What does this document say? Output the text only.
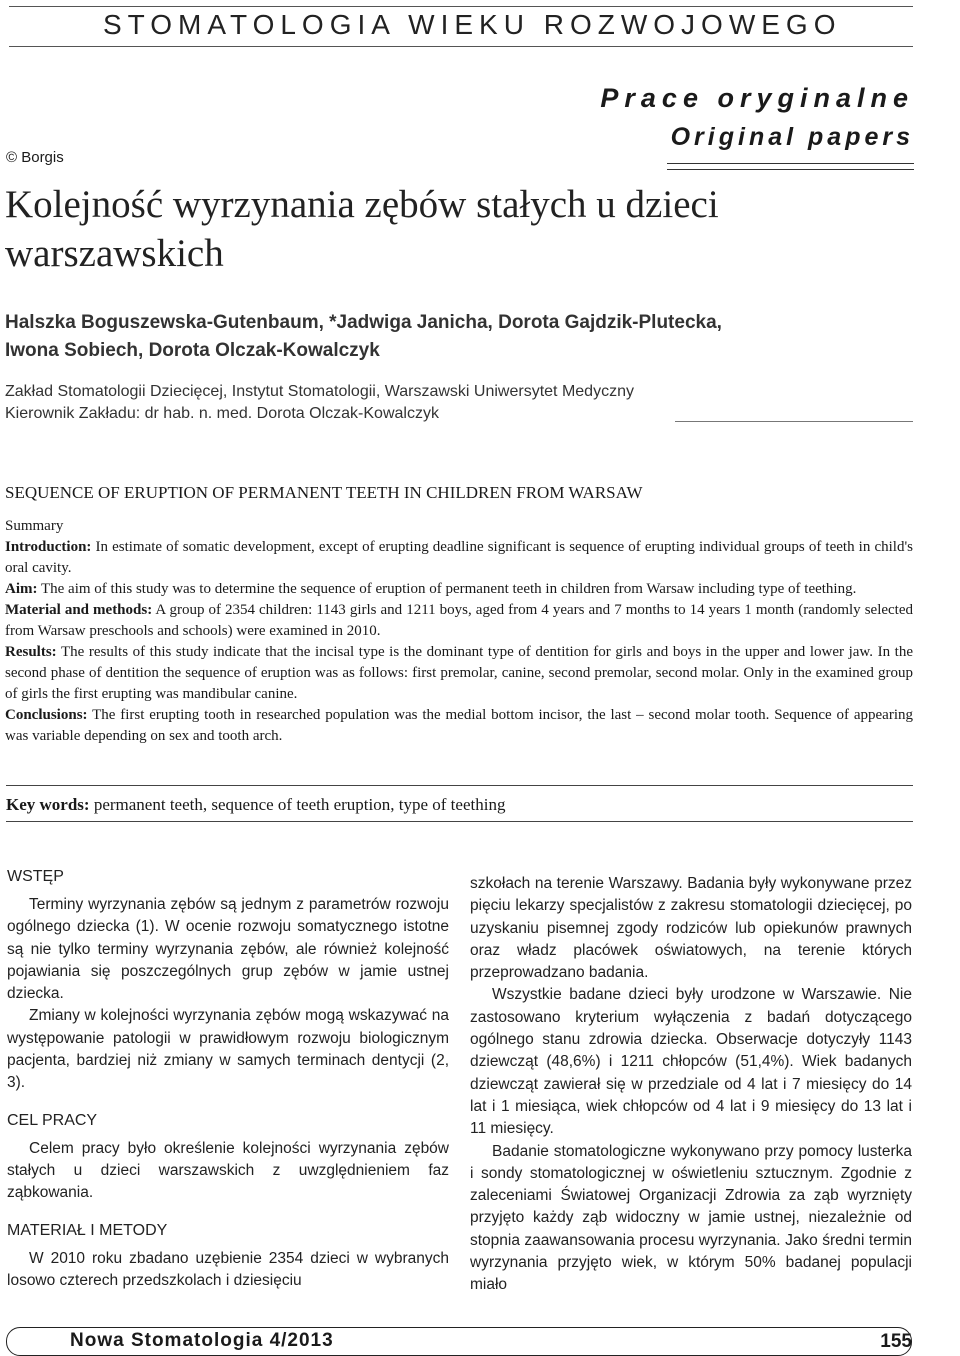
STOMATOLOGIA WIEKU ROZWOJOWEGO
Prace oryginalne
Original papers
© Borgis
Kolejność wyrzynania zębów stałych u dzieci warszawskich
Halszka Boguszewska-Gutenbaum, *Jadwiga Janicha, Dorota Gajdzik-Plutecka,
Iwona Sobiech, Dorota Olczak-Kowalczyk
Zakład Stomatologii Dziecięcej, Instytut Stomatologii, Warszawski Uniwersytet Medyczny
Kierownik Zakładu: dr hab. n. med. Dorota Olczak-Kowalczyk
SEQUENCE OF ERUPTION OF PERMANENT TEETH IN CHILDREN FROM WARSAW
Summary

Introduction: In estimate of somatic development, except of erupting deadline significant is sequence of erupting individual groups of teeth in child's oral cavity.

Aim: The aim of this study was to determine the sequence of eruption of permanent teeth in children from Warsaw including type of teething.

Material and methods: A group of 2354 children: 1143 girls and 1211 boys, aged from 4 years and 7 months to 14 years 1 month (randomly selected from Warsaw preschools and schools) were examined in 2010.

Results: The results of this study indicate that the incisal type is the dominant type of dentition for girls and boys in the upper and lower jaw. In the second phase of dentition the sequence of eruption was as follows: first premolar, canine, second premolar, second molar. Only in the examined group of girls the first erupting was mandibular canine.

Conclusions: The first erupting tooth in researched population was the medial bottom incisor, the last – second molar tooth. Sequence of appearing was variable depending on sex and tooth arch.

Key words: permanent teeth, sequence of teeth eruption, type of teething
WSTĘP

Terminy wyrzynania zębów są jednym z parametrów rozwoju ogólnego dziecka (1). W ocenie rozwoju somatycznego istotne są nie tylko terminy wyrzynania zębów, ale również kolejność pojawiania się poszczególnych grup zębów w jamie ustnej dziecka.

Zmiany w kolejności wyrzynania zębów mogą wskazywać na występowanie patologii w prawidłowym rozwoju biologicznym pacjenta, bardziej niż zmiany w samych terminach dentycji (2, 3).

CEL PRACY

Celem pracy było określenie kolejności wyrzynania zębów stałych u dzieci warszawskich z uwzględnieniem faz ząbkowania.

MATERIAŁ I METODY

W 2010 roku zbadano uzębienie 2354 dzieci w wybranych losowo czterech przedszkolach i dziesięciu

szkołach na terenie Warszawy. Badania były wykonywane przez pięciu lekarzy specjalistów z zakresu stomatologii dziecięcej, po uzyskaniu pisemnej zgody rodziców lub opiekunów prawnych oraz władz placówek oświatowych, na terenie których przeprowadzano badania.

Wszystkie badane dzieci były urodzone w Warszawie. Nie zastosowano kryterium wyłączenia z badań dotyczącego ogólnego stanu zdrowia dziecka. Obserwacje dotyczyły 1143 dziewcząt (48,6%) i 1211 chłopców (51,4%). Wiek badanych dziewcząt zawierał się w przedziale od 4 lat i 7 miesięcy do 14 lat i 1 miesiąca, wiek chłopców od 4 lat i 9 miesięcy do 13 lat i 11 miesięcy.

Badanie stomatologiczne wykonywano przy pomocy lusterka i sondy stomatologicznej w oświetleniu sztucznym. Zgodnie z zaleceniami Światowej Organizacji Zdrowia za ząb wyrznięty przyjęto każdy ząb widoczny w jamie ustnej, niezależnie od stopnia zaawansowania procesu wyrzynania. Jako średni termin wyrzynania przyjęto wiek, w którym 50% badanej populacji miało

Nowa Stomatologia 4/2013	155
